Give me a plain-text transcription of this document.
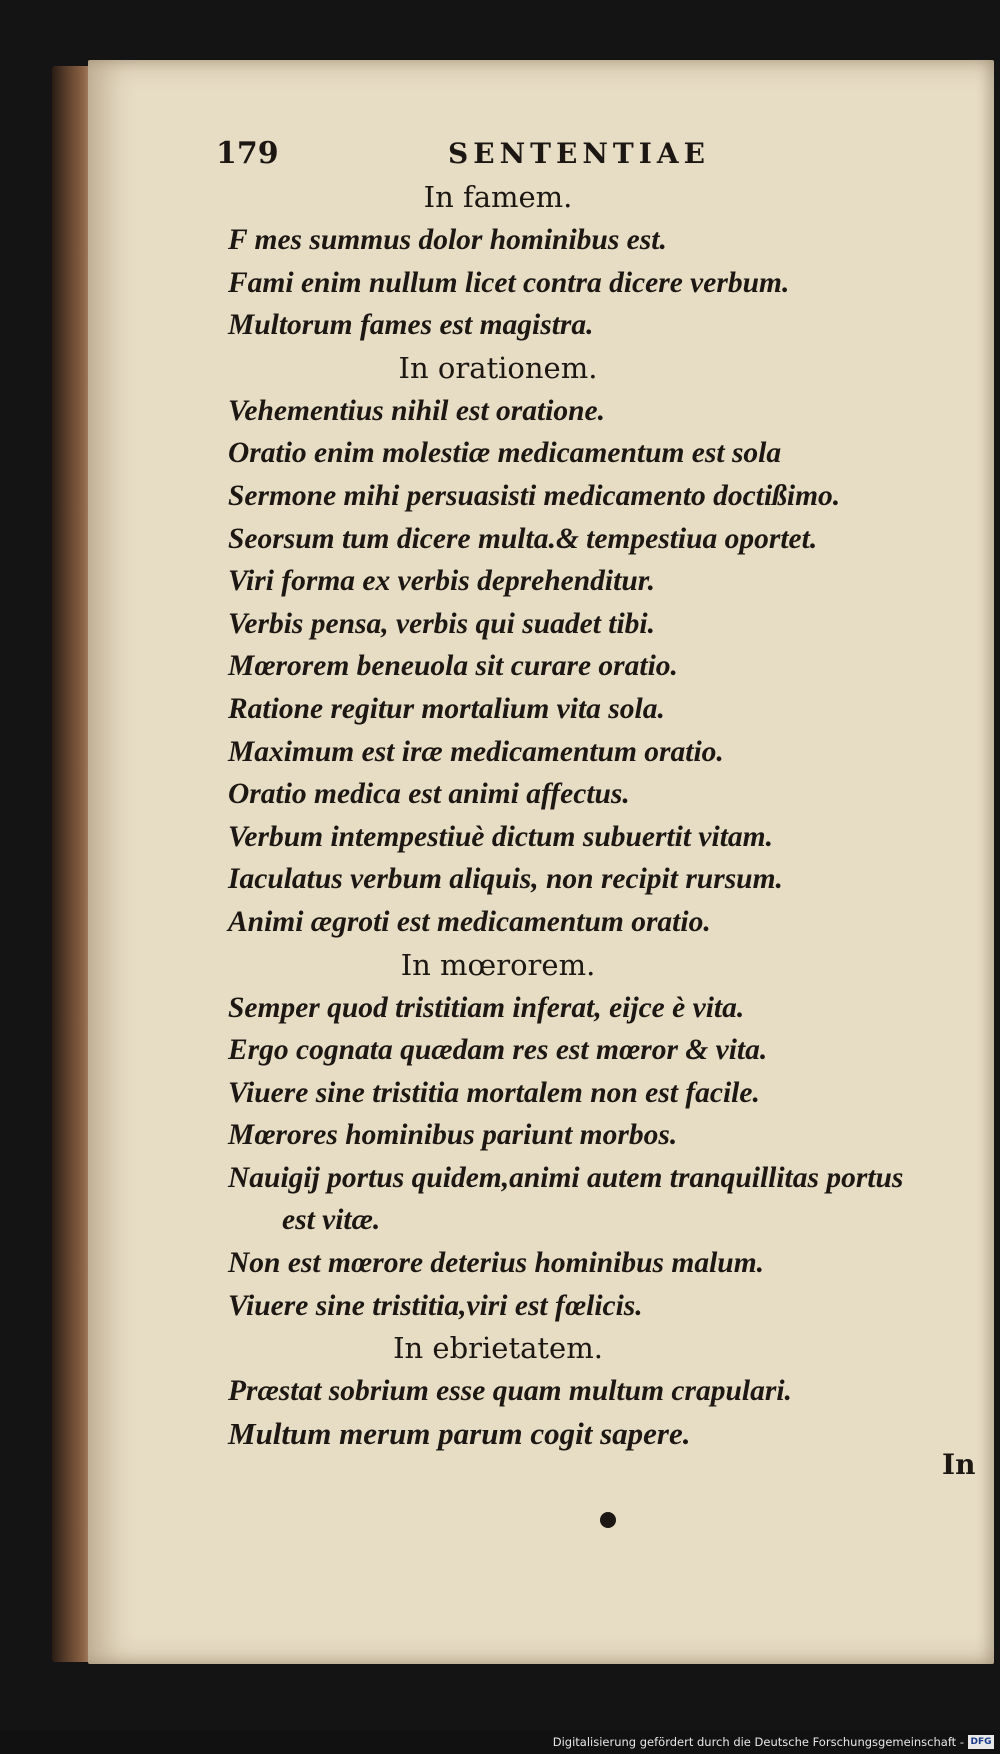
179	SENTENTIAE
In famem.
F mes summus dolor hominibus est.
Fami enim nullum licet contra dicere verbum.
Multorum fames est magistra.
In orationem.
Vehementius nihil est oratione.
Oratio enim molestiæ medicamentum est sola
Sermone mihi persuasisti medicamento doctißimo.
Seorsum tum dicere multa.& tempestiua oportet.
Viri forma ex verbis deprehenditur.
Verbis pensa, verbis qui suadet tibi.
Mœrorem beneuola sit curare oratio.
Ratione regitur mortalium vita sola.
Maximum est iræ medicamentum oratio.
Oratio medica est animi affectus.
Verbum intempestiuè dictum subuertit vitam.
Iaculatus verbum aliquis, non recipit rursum.
Animi ægroti est medicamentum oratio.
In mœrorem.
Semper quod tristitiam inferat, eijce è vita.
Ergo cognata quædam res est mœror & vita.
Viuere sine tristitia mortalem non est facile.
Mœrores hominibus pariunt morbos.
Nauigij portus quidem,animi autem tranquillitas portus
est vitæ.
Non est mœrore deterius hominibus malum.
Viuere sine tristitia,viri est fœlicis.
In ebrietatem.
Præstat sobrium esse quam multum crapulari.
Multum merum parum cogit sapere.
In
Digitalisierung gefördert durch die Deutsche Forschungsgemeinschaft - DFG
